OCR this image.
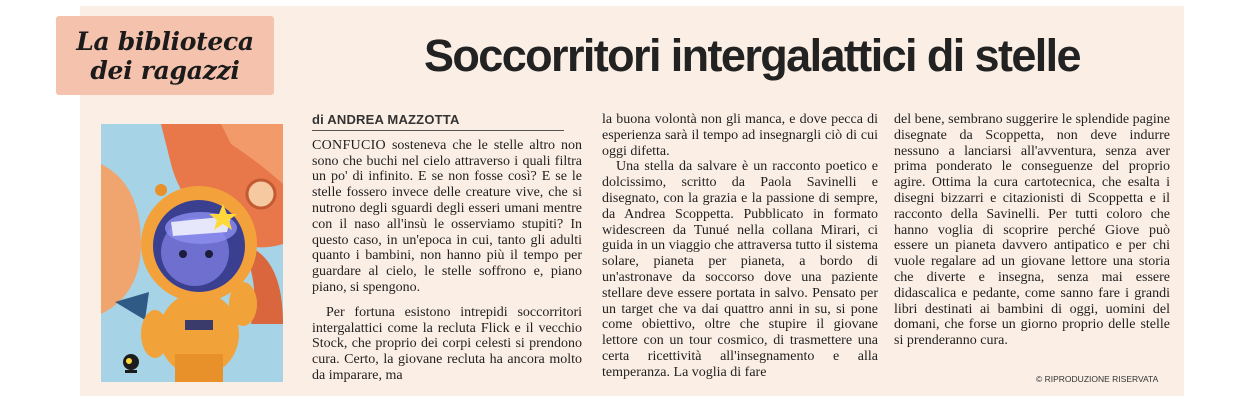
La biblioteca
dei ragazzi	Soccorritori intergalattici di stelle
di ANDREA MAZZOTTA

CONFUCIO sosteneva che le stelle altro non sono che buchi nel cielo attraverso i quali filtra un po' di infinito. E se non fosse così? E se le stelle fossero invece delle creature vive, che si nutrono degli sguardi degli esseri umani mentre con il naso all'insù le osserviamo stupiti? In questo caso, in un'epoca in cui, tanto gli adulti quanto i bambini, non hanno più il tempo per guardare al cielo, le stelle soffrono e, piano piano, si spengono.

Per fortuna esistono intrepidi soccorritori intergalattici come la recluta Flick e il vecchio Stock, che proprio dei corpi celesti si prendono cura. Certo, la giovane recluta ha ancora molto da imparare, ma

la buona volontà non gli manca, e dove pecca di esperienza sarà il tempo ad insegnargli ciò di cui oggi difetta.

Una stella da salvare è un racconto poetico e dolcissimo, scritto da Paola Savinelli e disegnato, con la grazia e la passione di sempre, da Andrea Scoppetta. Pubblicato in formato widescreen da Tunué nella collana Mirari, ci guida in un viaggio che attraversa tutto il sistema solare, pianeta per pianeta, a bordo di un'astronave da soccorso dove una paziente stellare deve essere portata in salvo. Pensato per un target che va dai quattro anni in su, si pone come obiettivo, oltre che stupire il giovane lettore con un tour cosmico, di trasmettere una certa ricettività all'insegnamento e alla temperanza. La voglia di fare

del bene, sembrano suggerire le splendide pagine disegnate da Scoppetta, non deve indurre nessuno a lanciarsi all'avventura, senza aver prima ponderato le conseguenze del proprio agire. Ottima la cura cartotecnica, che esalta i disegni bizzarri e citazionisti di Scoppetta e il racconto della Savinelli. Per tutti coloro che hanno voglia di scoprire perché Giove può essere un pianeta davvero antipatico e per chi vuole regalare ad un giovane lettore una storia che diverte e insegna, senza mai essere didascalica e pedante, come sanno fare i grandi libri destinati ai bambini di oggi, uomini del domani, che forse un giorno proprio delle stelle si prenderanno cura.

© RIPRODUZIONE RISERVATA
